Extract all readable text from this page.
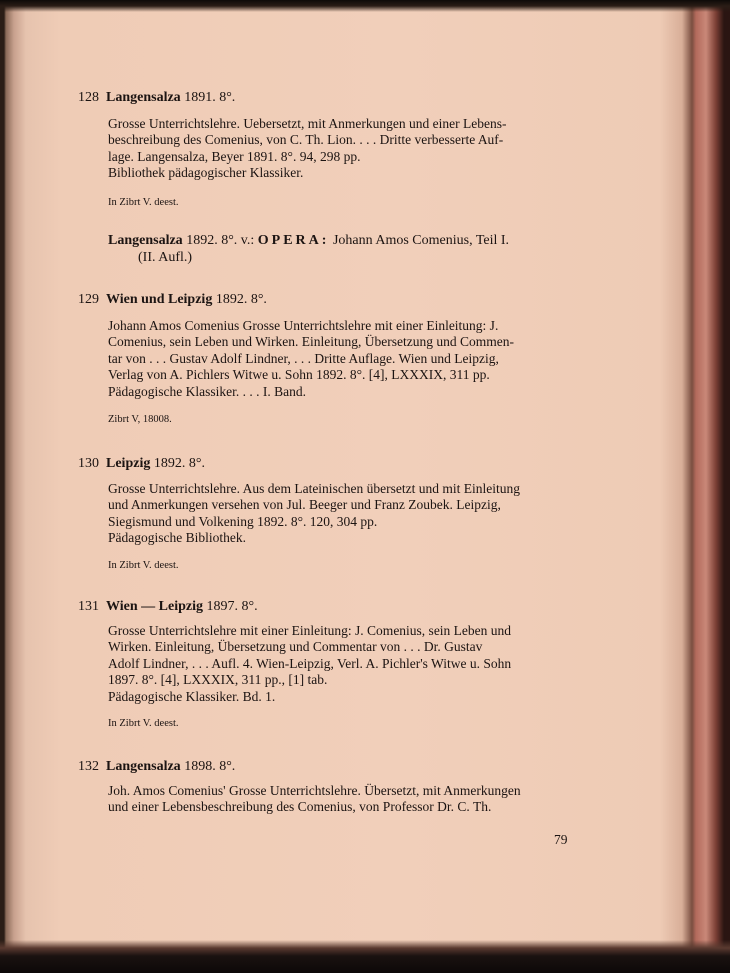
128 Langensalza 1891. 8°.

Grosse Unterrichtslehre. Uebersetzt, mit Anmerkungen und einer Lebens-

beschreibung des Comenius, von C. Th. Lion. . . . Dritte verbesserte Auf-

lage. Langensalza, Beyer 1891. 8°. 94, 298 pp.

Bibliothek pädagogischer Klassiker.

In Zibrt V. deest.
Langensalza 1892. 8°. v.: OPERA: Johann Amos Comenius, Teil I.
(II. Aufl.)
129 Wien und Leipzig 1892. 8°.

Johann Amos Comenius Grosse Unterrichtslehre mit einer Einleitung: J.

Comenius, sein Leben und Wirken. Einleitung, Übersetzung und Commen-

tar von . . . Gustav Adolf Lindner, . . . Dritte Auflage. Wien und Leipzig,

Verlag von A. Pichlers Witwe u. Sohn 1892. 8°. [4], LXXXIX, 311 pp.

Pädagogische Klassiker. . . . I. Band.

Zibrt V, 18008.
130 Leipzig 1892. 8°.

Grosse Unterrichtslehre. Aus dem Lateinischen übersetzt und mit Einleitung

und Anmerkungen versehen von Jul. Beeger und Franz Zoubek. Leipzig,

Siegismund und Volkening 1892. 8°. 120, 304 pp.

Pädagogische Bibliothek.

In Zibrt V. deest.
131 Wien — Leipzig 1897. 8°.

Grosse Unterrichtslehre mit einer Einleitung: J. Comenius, sein Leben und

Wirken. Einleitung, Übersetzung und Commentar von . . . Dr. Gustav

Adolf Lindner, . . . Aufl. 4. Wien-Leipzig, Verl. A. Pichler's Witwe u. Sohn

1897. 8°. [4], LXXXIX, 311 pp., [1] tab.

Pädagogische Klassiker. Bd. 1.

In Zibrt V. deest.
132 Langensalza 1898. 8°.

Joh. Amos Comenius' Grosse Unterrichtslehre. Übersetzt, mit Anmerkungen

und einer Lebensbeschreibung des Comenius, von Professor Dr. C. Th.

79
